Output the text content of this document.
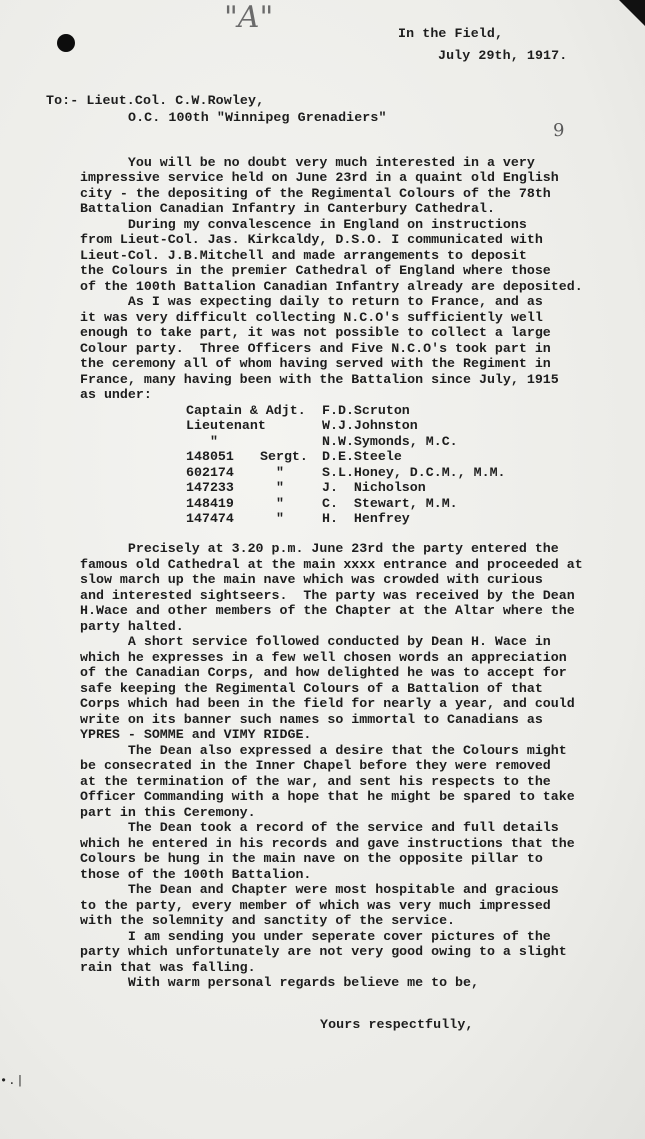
"A"
9
In the Field,
July 29th, 1917.
To:- Lieut.Col. C.W.Rowley,
O.C. 100th "Winnipeg Grenadiers"
You will be no doubt very much interested in a very
impressive service held on June 23rd in a quaint old English
city - the depositing of the Regimental Colours of the 78th
Battalion Canadian Infantry in Canterbury Cathedral.
During my convalescence in England on instructions
from Lieut-Col. Jas. Kirkcaldy, D.S.O. I communicated with
Lieut-Col. J.B.Mitchell and made arrangements to deposit
the Colours in the premier Cathedral of England where those
of the 100th Battalion Canadian Infantry already are deposited.
As I was expecting daily to return to France, and as
it was very difficult collecting N.C.O's sufficiently well
enough to take part, it was not possible to collect a large
Colour party.  Three Officers and Five N.C.O's took part in
the ceremony all of whom having served with the Regiment in
France, many having been with the Battalion since July, 1915
as under:
Captain & Adjt. F.D.Scruton
Lieutenant	W.J.Johnston
"	N.W.Symonds, M.C.
148051 Sergt. D.E.Steele
602174 "	S.L.Honey, D.C.M., M.M.
147233 "	J.  Nicholson
148419 "	C.  Stewart, M.M.
147474 "	H.  Henfrey
Precisely at 3.20 p.m. June 23rd the party entered the
famous old Cathedral at the main xxxx entrance and proceeded at
slow march up the main nave which was crowded with curious
and interested sightseers.  The party was received by the Dean
H.Wace and other members of the Chapter at the Altar where the
party halted.
A short service followed conducted by Dean H. Wace in
which he expresses in a few well chosen words an appreciation
of the Canadian Corps, and how delighted he was to accept for
safe keeping the Regimental Colours of a Battalion of that
Corps which had been in the field for nearly a year, and could
write on its banner such names so immortal to Canadians as
YPRES - SOMME and VIMY RIDGE.
The Dean also expressed a desire that the Colours might
be consecrated in the Inner Chapel before they were removed
at the termination of the war, and sent his respects to the
Officer Commanding with a hope that he might be spared to take
part in this Ceremony.
The Dean took a record of the service and full details
which he entered in his records and gave instructions that the
Colours be hung in the main nave on the opposite pillar to
those of the 100th Battalion.
The Dean and Chapter were most hospitable and gracious
to the party, every member of which was very much impressed
with the solemnity and sanctity of the service.
I am sending you under seperate cover pictures of the
party which unfortunately are not very good owing to a slight
rain that was falling.
With warm personal regards believe me to be,
Yours respectfully,
•.|
